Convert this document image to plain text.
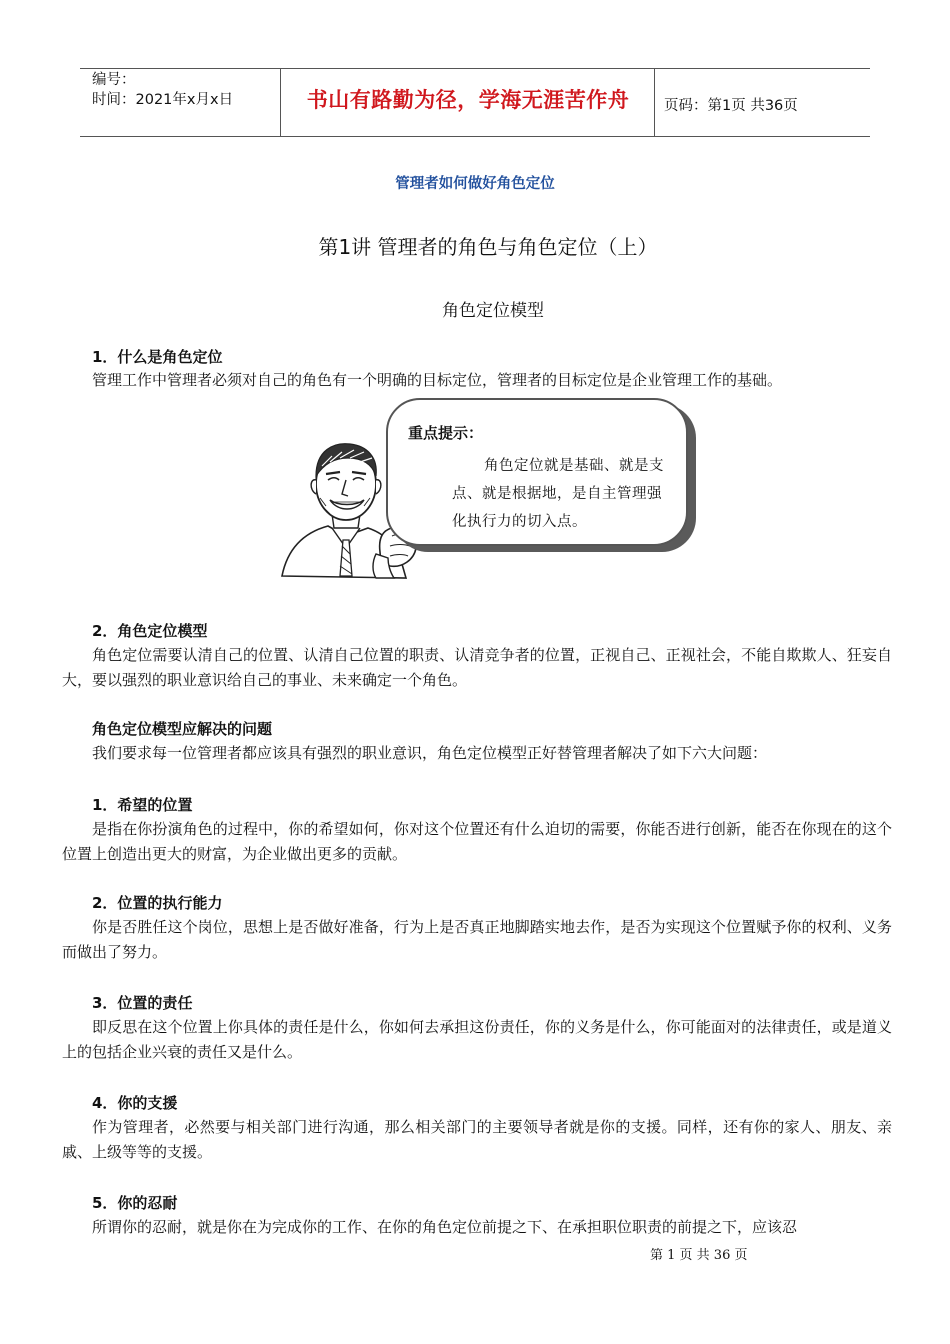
编号：
时间：2021年x月x日	书山有路勤为径，学海无涯苦作舟	页码：第1页 共36页
管理者如何做好角色定位
第1讲 管理者的角色与角色定位（上）
角色定位模型
1．什么是角色定位
管理工作中管理者必须对自己的角色有一个明确的目标定位，管理者的目标定位是企业管理工作的基础。
重点提示：
角色定位就是基础、就是支点、就是根据地，是自主管理强化执行力的切入点。
2．角色定位模型
角色定位需要认清自己的位置、认清自己位置的职责、认清竞争者的位置，正视自己、正视社会，不能自欺欺人、狂妄自大，要以强烈的职业意识给自己的事业、未来确定一个角色。
角色定位模型应解决的问题
我们要求每一位管理者都应该具有强烈的职业意识，角色定位模型正好替管理者解决了如下六大问题：
1．希望的位置
是指在你扮演角色的过程中，你的希望如何，你对这个位置还有什么迫切的需要，你能否进行创新，能否在你现在的这个位置上创造出更大的财富，为企业做出更多的贡献。
2．位置的执行能力
你是否胜任这个岗位，思想上是否做好准备，行为上是否真正地脚踏实地去作，是否为实现这个位置赋予你的权利、义务而做出了努力。
3．位置的责任
即反思在这个位置上你具体的责任是什么，你如何去承担这份责任，你的义务是什么，你可能面对的法律责任，或是道义上的包括企业兴衰的责任又是什么。
4．你的支援
作为管理者，必然要与相关部门进行沟通，那么相关部门的主要领导者就是你的支援。同样，还有你的家人、朋友、亲戚、上级等等的支援。
5．你的忍耐
所谓你的忍耐，就是你在为完成你的工作、在你的角色定位前提之下、在承担职位职责的前提之下，应该忍
第 1 页 共 36 页
